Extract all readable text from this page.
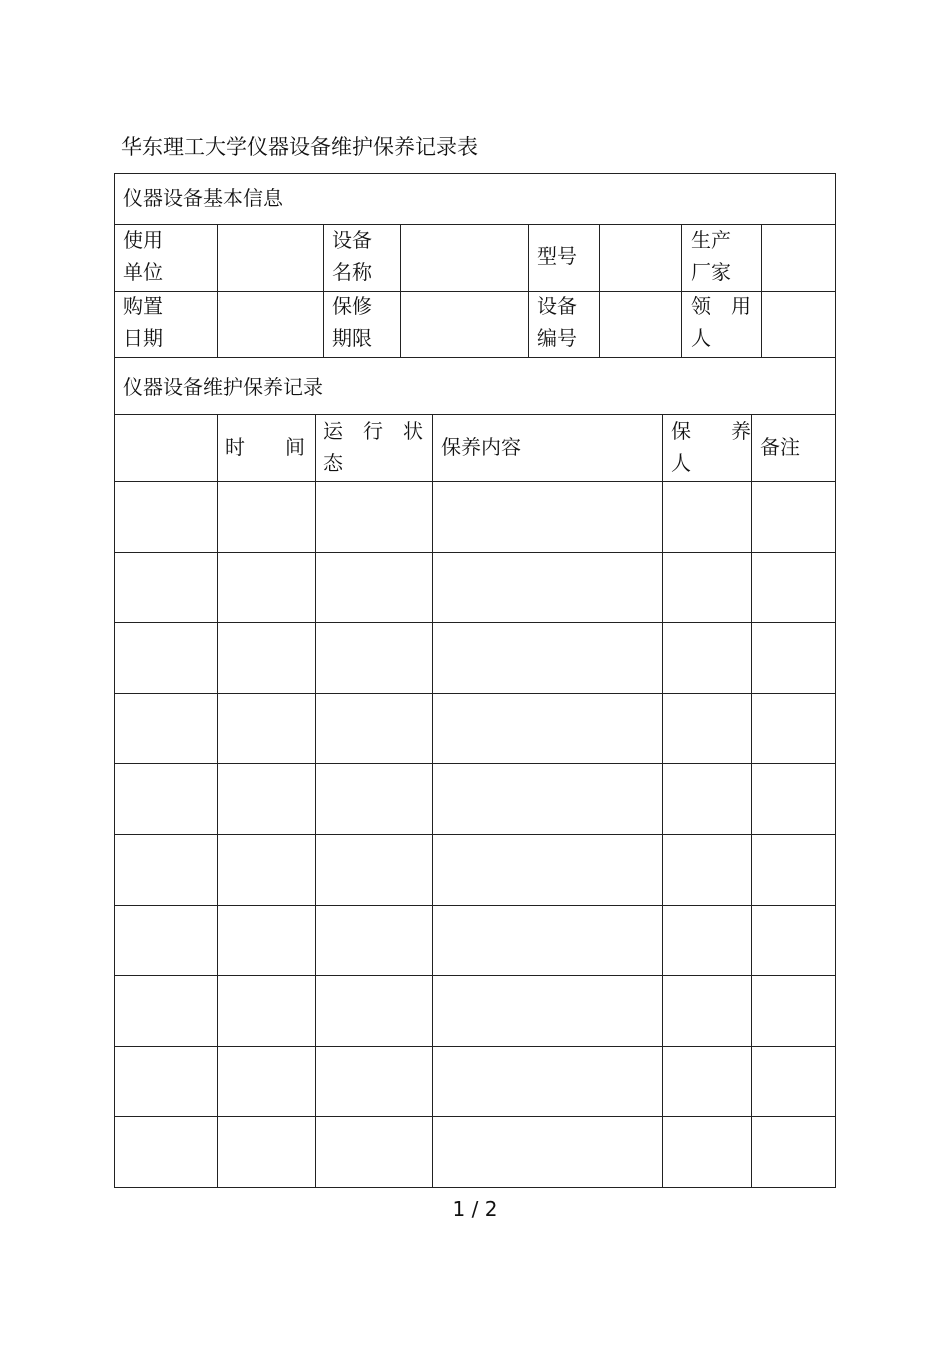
华东理工大学仪器设备维护保养记录表
仪器设备基本信息
仪器设备维护保养记录
使用
单位
设备
名称
型号
生产
厂家
购置
日期
保修
期限
设备
编号
领　用
人
时　　间
运　行　状
态
保养内容
保　　养
人
备注
1 / 2
